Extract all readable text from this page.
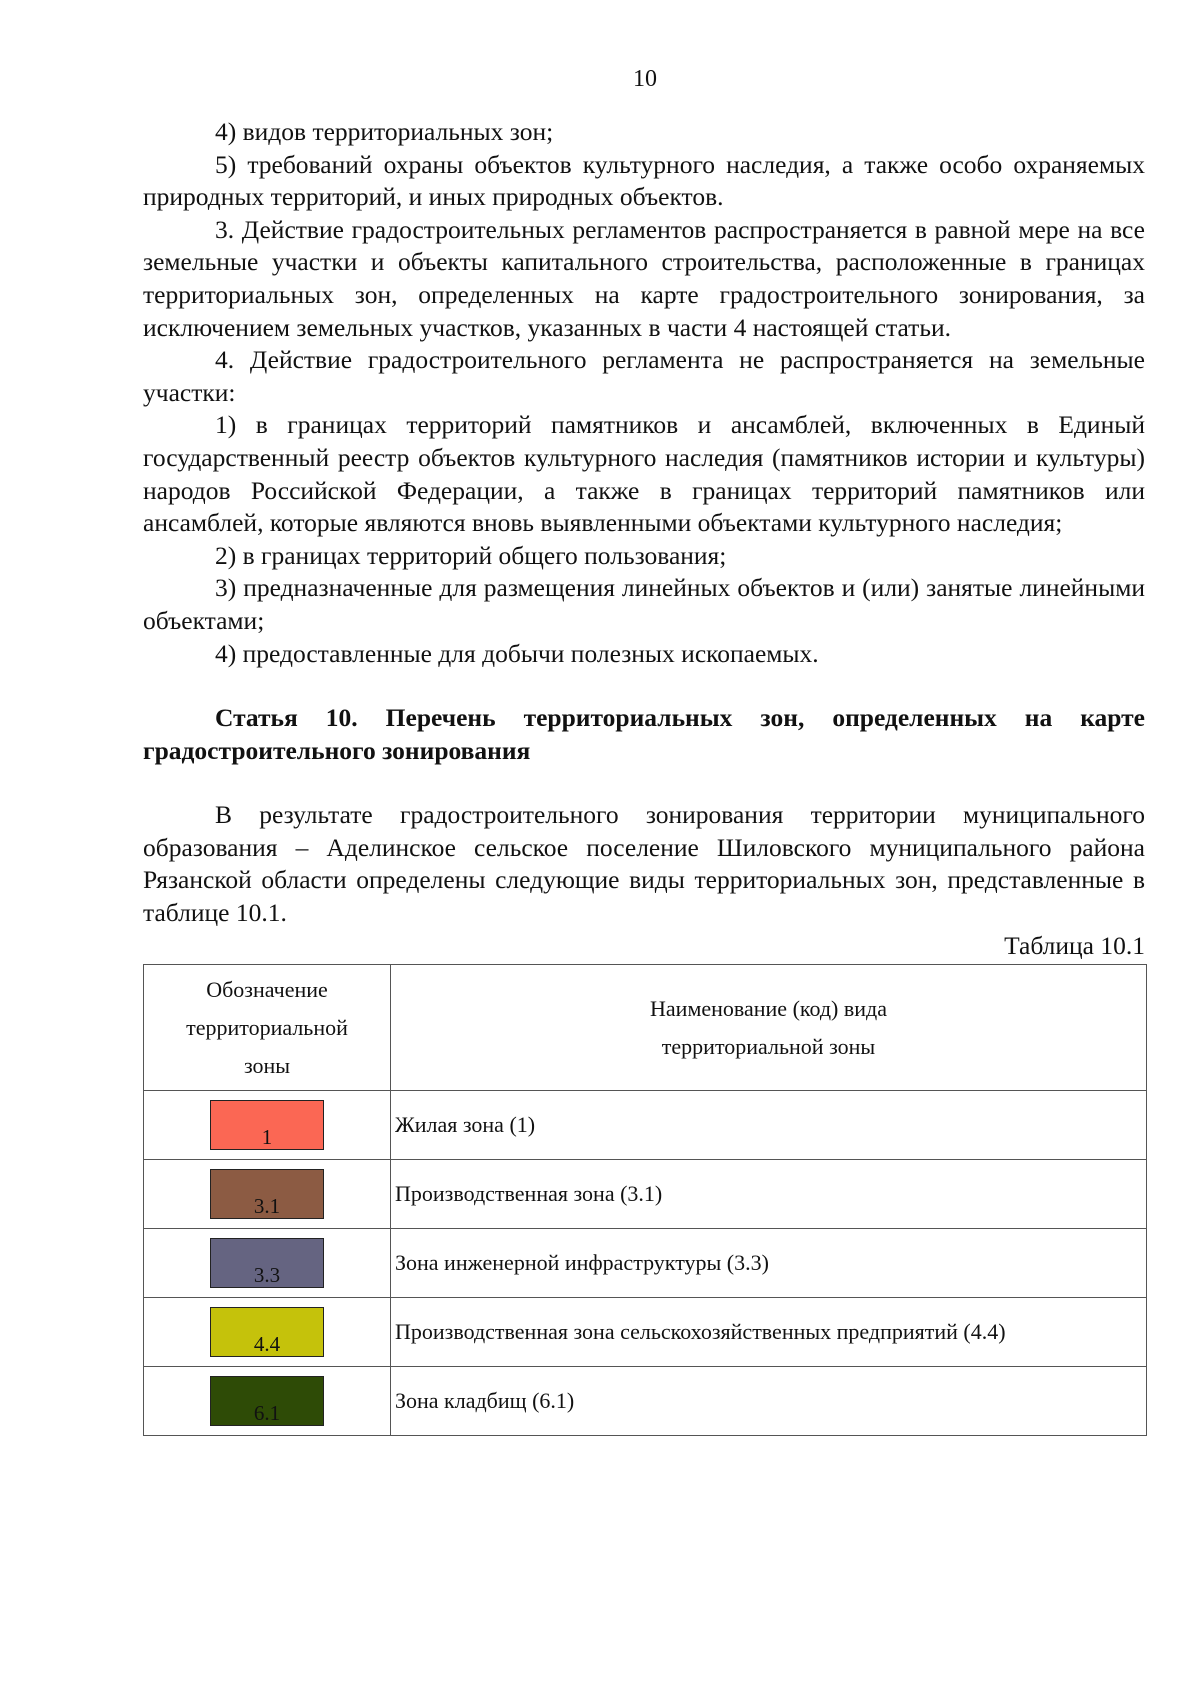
10

4) видов территориальных зон;

5) требований охраны объектов культурного наследия, а также особо охраняемых природных территорий, и иных природных объектов.

3. Действие градостроительных регламентов распространяется в равной мере на все земельные участки и объекты капитального строительства, расположенные в границах территориальных зон, определенных на карте градостроительного зонирования, за исключением земельных участков, указанных в части 4 настоящей статьи.

4. Действие градостроительного регламента не распространяется на земельные участки:

1) в границах территорий памятников и ансамблей, включенных в Единый государственный реестр объектов культурного наследия (памятников истории и культуры) народов Российской Федерации, а также в границах территорий памятников или ансамблей, которые являются вновь выявленными объектами культурного наследия;

2) в границах территорий общего пользования;

3) предназначенные для размещения линейных объектов и (или) занятые линейными объектами;

4) предоставленные для добычи полезных ископаемых.

Статья 10. Перечень территориальных зон, определенных на карте градостроительного зонирования

В результате градостроительного зонирования территории муниципального образования – Аделинское сельское поселение Шиловского муниципального района Рязанской области определены следующие виды территориальных зон, представленные в таблице 10.1.

Таблица 10.1

Обозначение территориальной зоны	Наименование (код) вида территориальной зоны

1	Жилая зона (1)

3.1	Производственная зона (3.1)

3.3	Зона инженерной инфраструктуры (3.3)

4.4	Производственная зона сельскохозяйственных предприятий (4.4)

6.1	Зона кладбищ (6.1)
